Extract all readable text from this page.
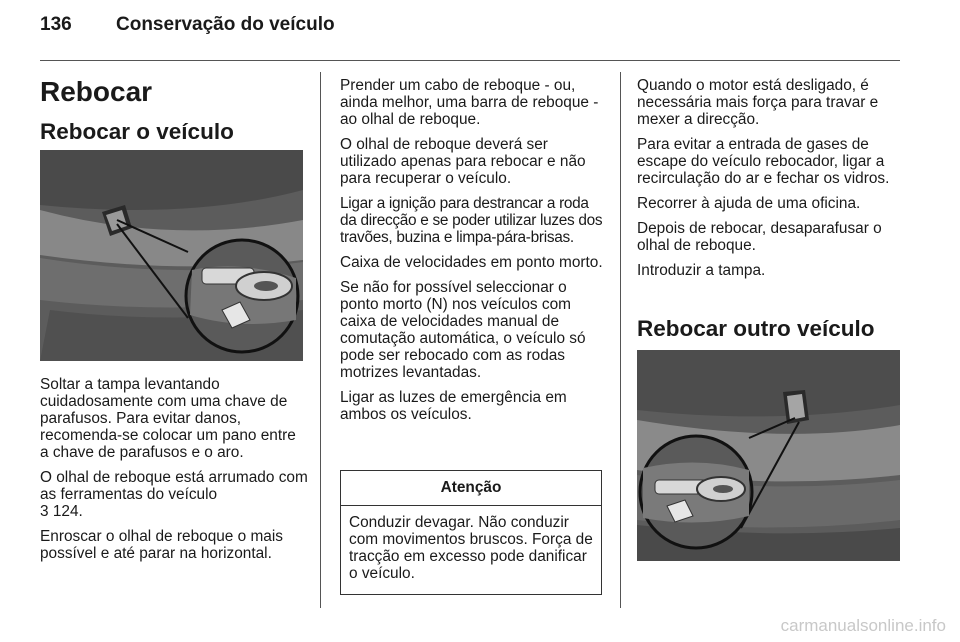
136 Conservação do veículo
Rebocar
Rebocar o veículo

Soltar a tampa levantando cuidadosamente com uma chave de parafusos. Para evitar danos, recomenda-se colocar um pano entre a chave de parafusos e o aro.

O olhal de reboque está arrumado com as ferramentas do veículo
3 124.

Enroscar o olhal de reboque o mais possível e até parar na horizontal.

Prender um cabo de reboque - ou, ainda melhor, uma barra de reboque - ao olhal de reboque.

O olhal de reboque deverá ser utilizado apenas para rebocar e não para recuperar o veículo.

Ligar a ignição para destrancar a roda da direcção e se poder utilizar luzes dos travões, buzina e limpa-pára-brisas.

Caixa de velocidades em ponto morto.

Se não for possível seleccionar o ponto morto (N) nos veículos com caixa de velocidades manual de comutação automática, o veículo só pode ser rebocado com as rodas motrizes levantadas.

Ligar as luzes de emergência em ambos os veículos.

Atenção
Conduzir devagar. Não conduzir com movimentos bruscos. Força de tracção em excesso pode danificar o veículo.

Quando o motor está desligado, é necessária mais força para travar e mexer a direcção.

Para evitar a entrada de gases de escape do veículo rebocador, ligar a recirculação do ar e fechar os vidros.

Recorrer à ajuda de uma oficina.

Depois de rebocar, desaparafusar o olhal de reboque.

Introduzir a tampa.

Rebocar outro veículo
carmanualsonline.info
